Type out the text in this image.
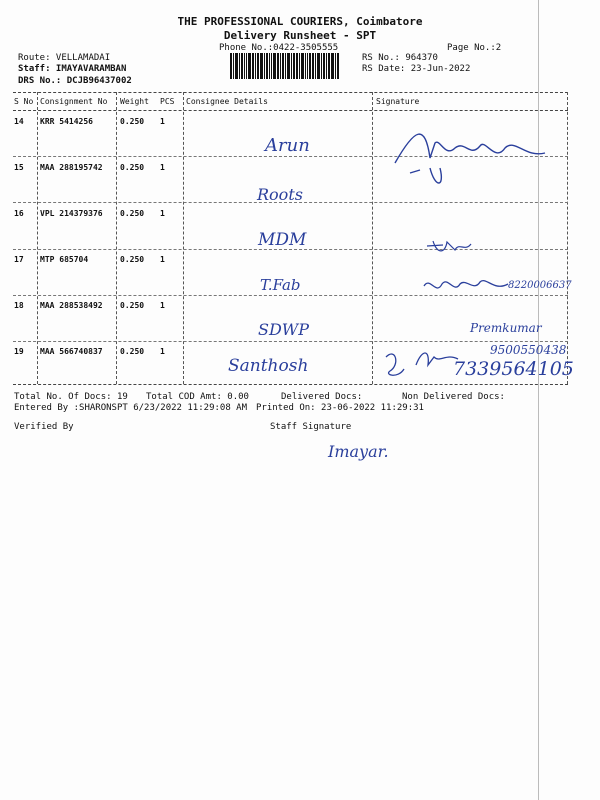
THE PROFESSIONAL COURIERS, Coimbatore
Delivery Runsheet - SPT
Phone No.:0422-3505555	Page No.:2
Route: VELLAMADAI
Staff: IMAYAVARAMBAN
DRS No.: DCJB96437002
RS No.: 964370
RS Date: 23-Jun-2022
S No Consignment No Weight PCS Consignee Details	Signature
14 KRR 5414256	0.250 1
Arun
15 MAA 288195742 0.250 1
Roots
16 VPL 214379376 0.250 1
MDM
17 MTP 685704	0.250 1
T.Fab	8220006637
18 MAA 288538492 0.250 1
SDWP	Premkumar
19 MAA 566740837 0.250 1
Santhosh
9500550438
7339564105
Total No. Of Docs: 19 Total COD Amt: 0.00	Delivered Docs:	Non Delivered Docs:
Entered By :SHARONSPT 6/23/2022 11:29:08 AM Printed On: 23-06-2022 11:29:31
Verified By	Staff Signature
Imayar.
